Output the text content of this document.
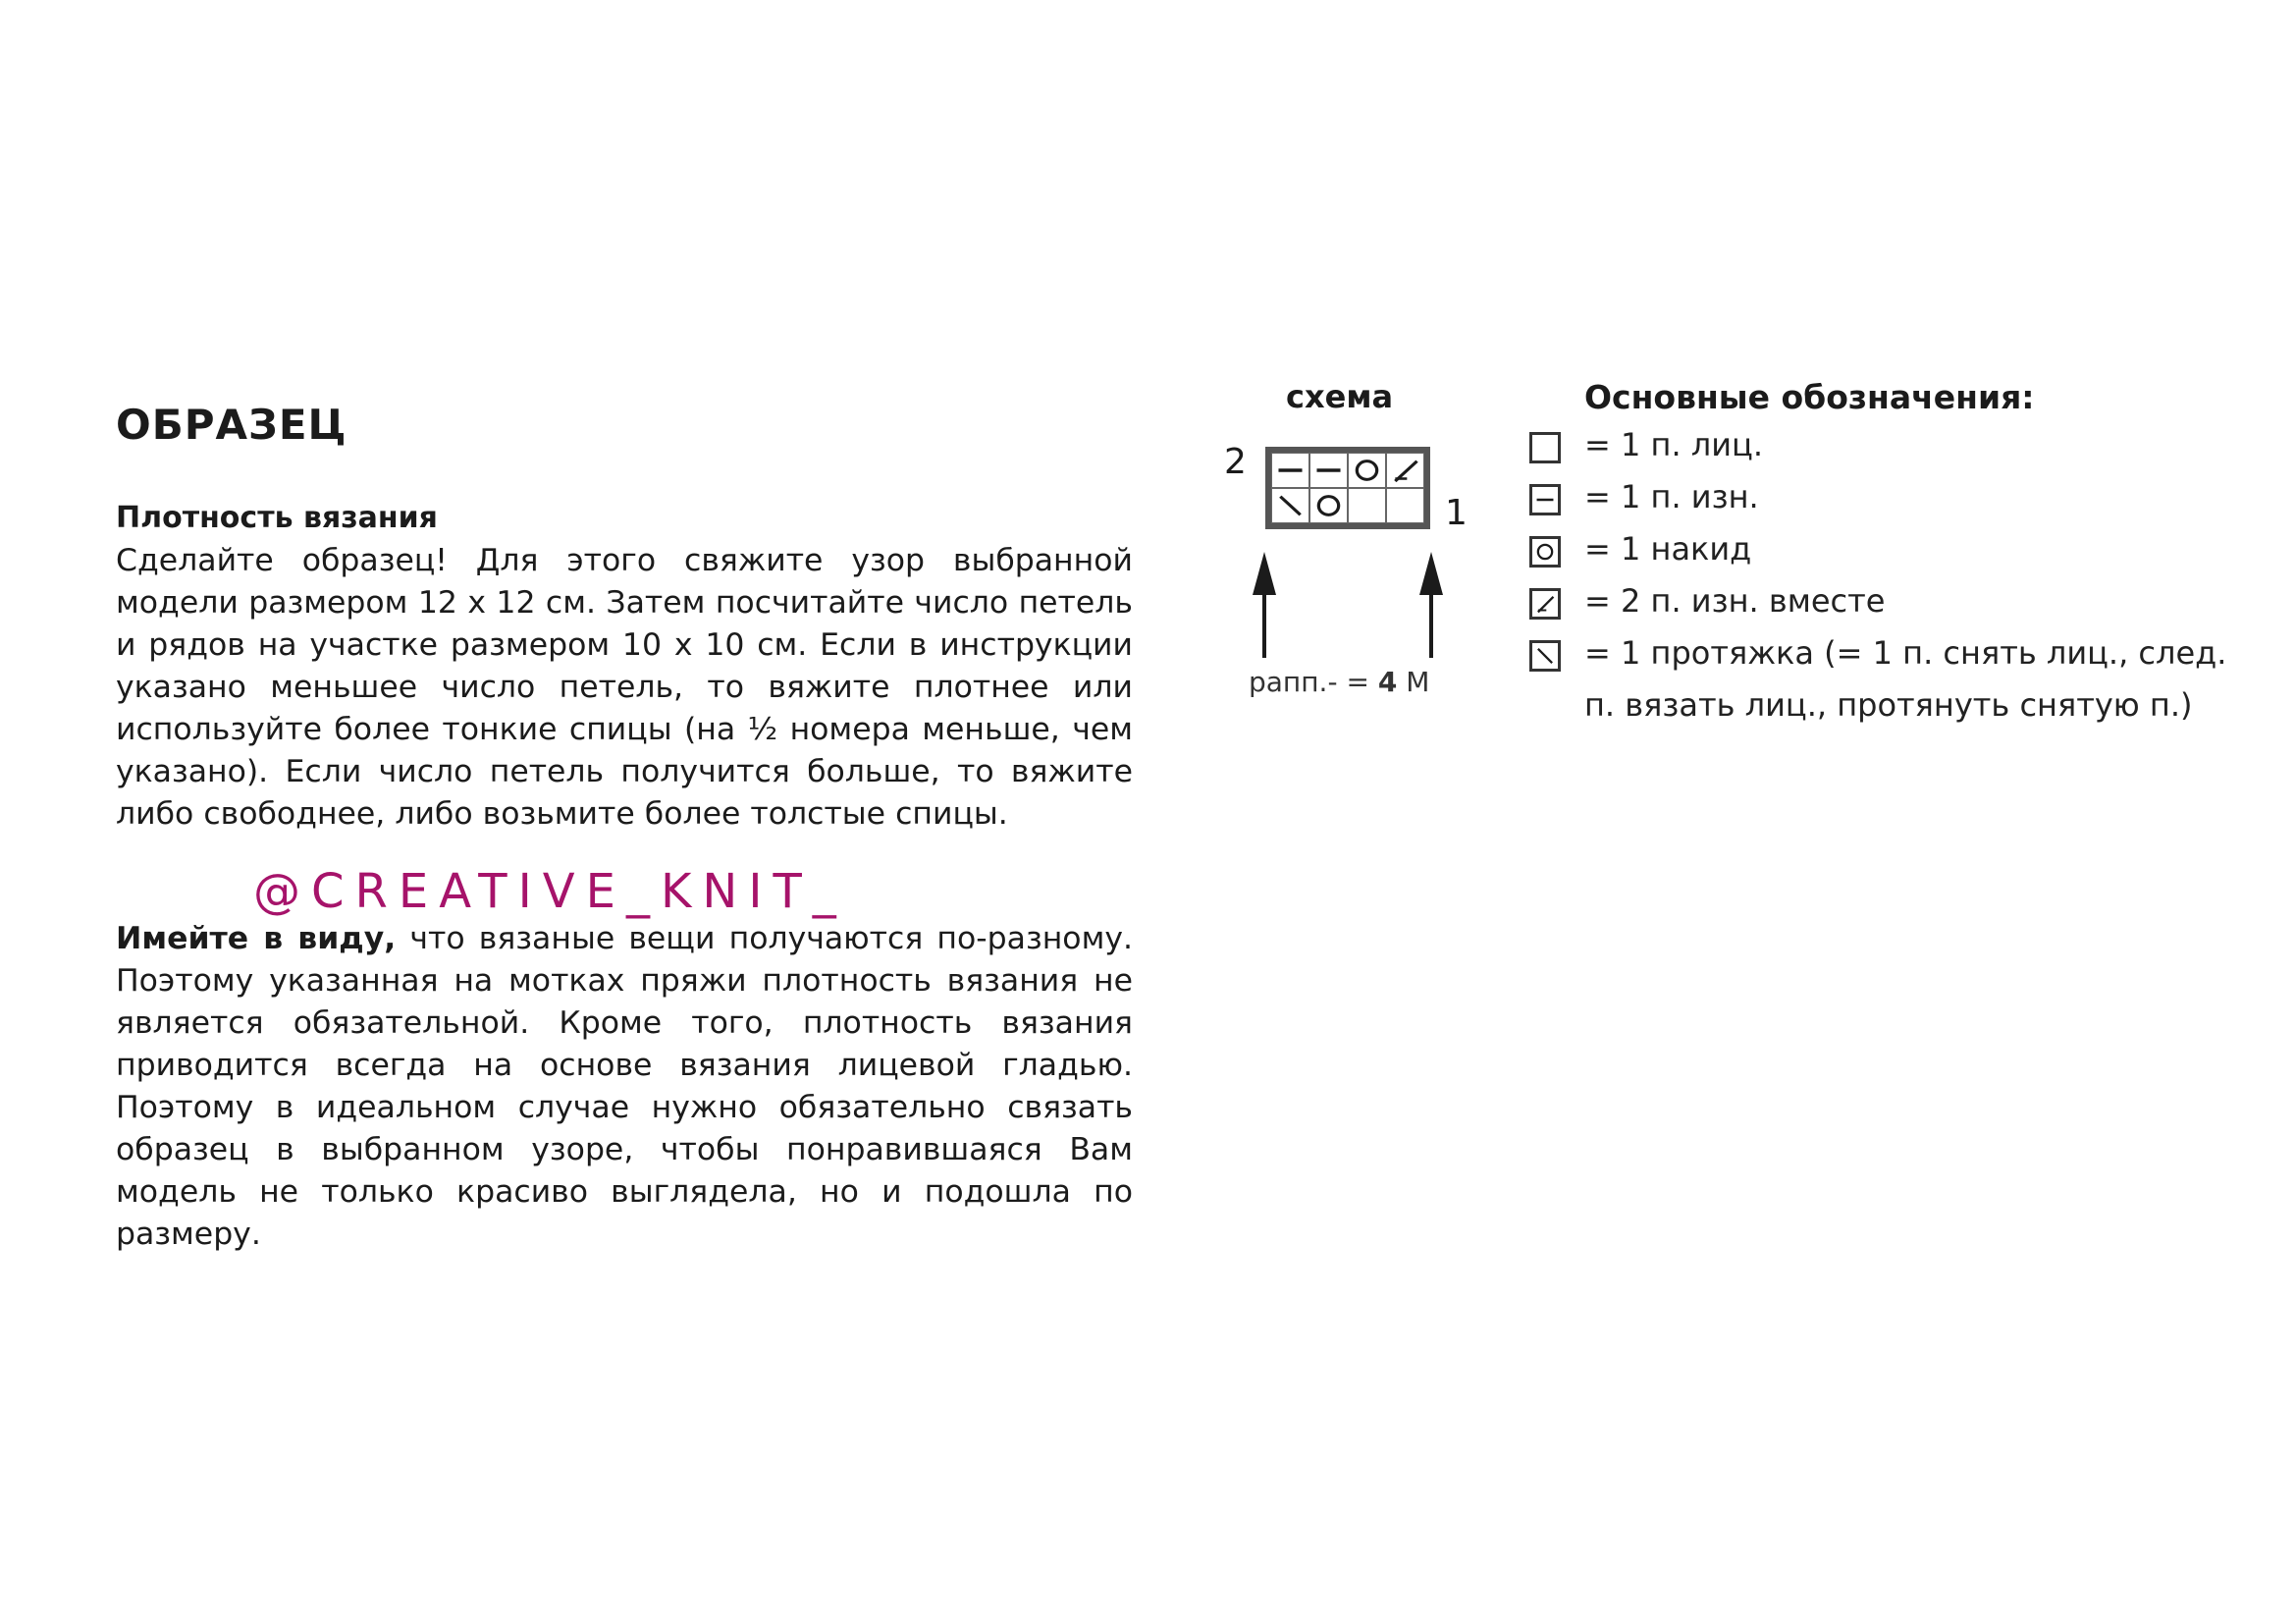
ОБРАЗЕЦ
Плотность вязания

Сделайте образец! Для этого свяжите узор выбранной модели размером 12 х 12 см. Затем посчитайте число петель и рядов на участке размером 10 х 10 см. Если в инструкции указано меньшее число петель, то вяжите плотнее или используйте более тонкие спицы (на ½ номера меньше, чем указано). Если число петель получится больше, то вяжите либо свободнее, либо возьмите более толстые спицы.

@CREATIVE_KNIT_

Имейте в виду, что вязаные вещи получаются по-разному. Поэтому указанная на мотках пряжи плотность вязания не является обязательной. Кроме того, плотность вязания приводится всегда на основе вязания лицевой гладью. Поэтому в идеальном случае нужно обязательно связать образец в выбранном узоре, чтобы понравившаяся Вам модель не только красиво выглядела, но и подошла по размеру.

схема
2
1
рапп.- = 4 М
Основные обозначения:
= 1 п. лиц.
= 1 п. изн.
= 1 накид
= 2 п. изн. вместе
= 1 протяжка (= 1 п. снять лиц., след.
п. вязать лиц., протянуть снятую п.)
